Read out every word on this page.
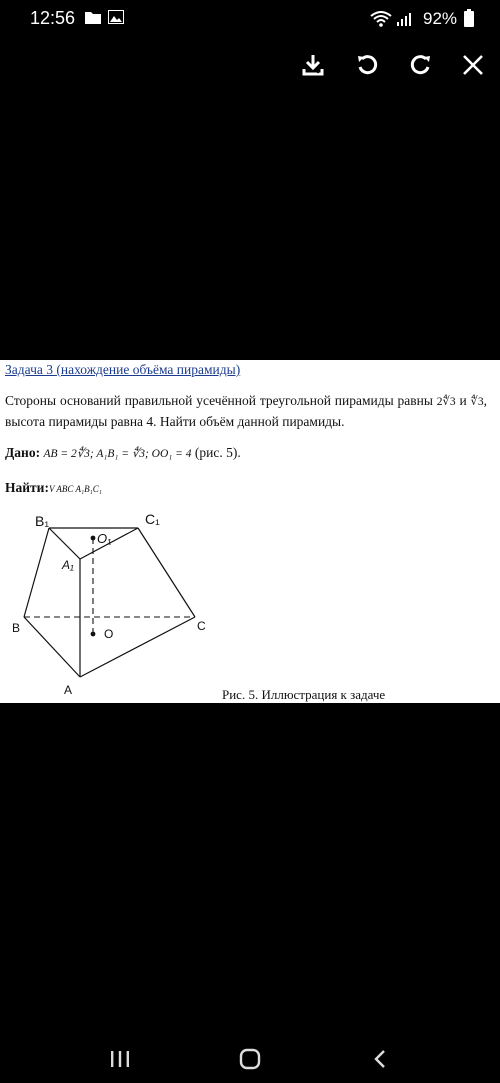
12:56	92%
Задача 3 (нахождение объёма пирамиды)
Стороны оснований правильной усечённой треугольной пирамиды равны 2∜3 и ∜3, высота пирамиды равна 4. Найти объём данной пирамиды.
Дано: AB = 2∜3; A₁B₁ = ∜3; OO₁ = 4 (рис. 5).
Найти:V ABC A₁B₁C₁
B₁	C₁
O₁
A₁
B	C
O
A	Рис. 5. Иллюстрация к задаче
